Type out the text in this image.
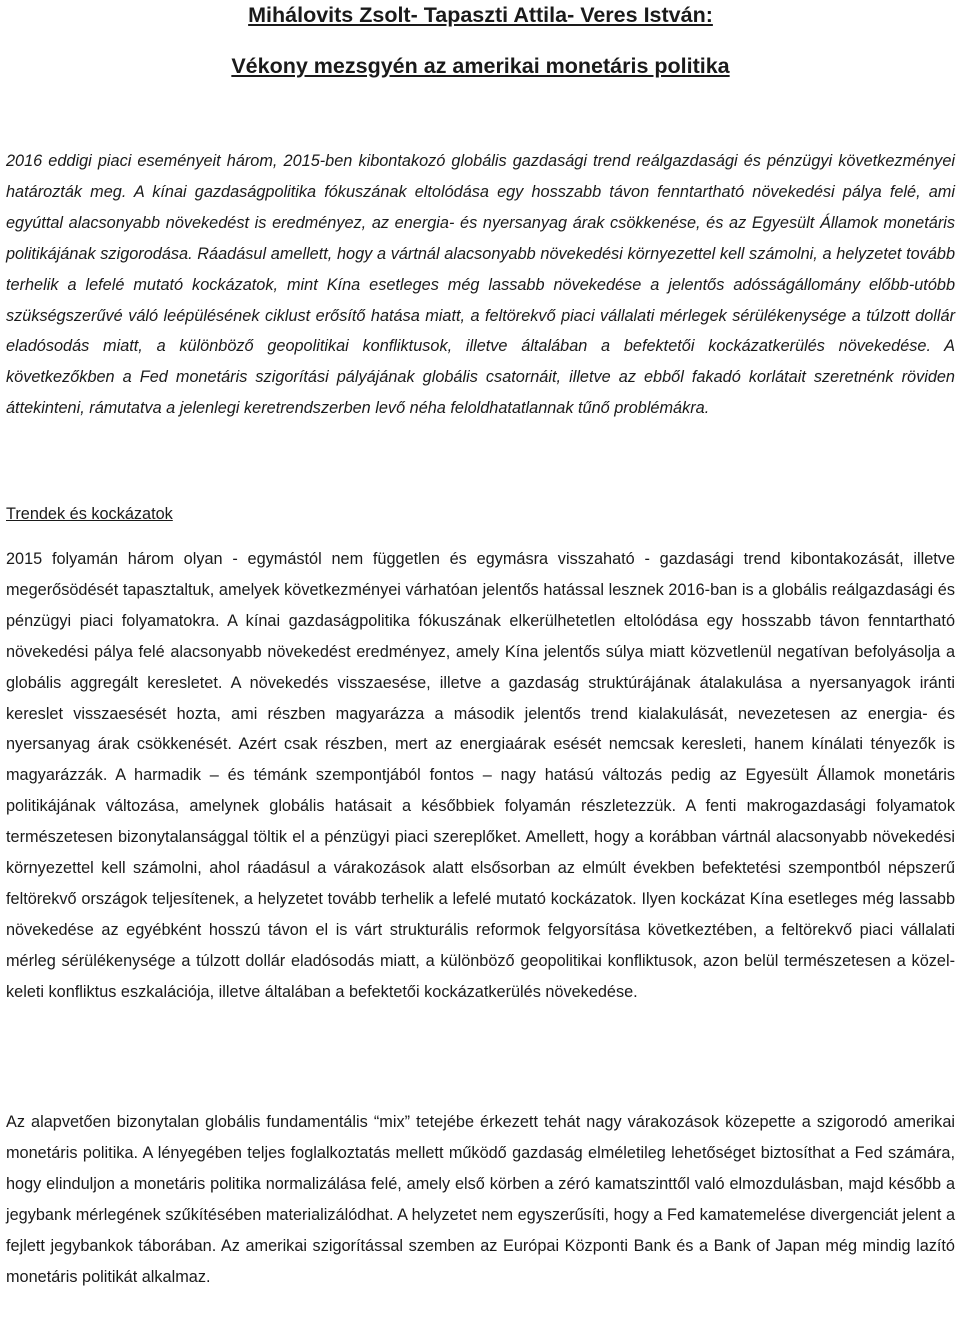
Mihálovits Zsolt- Tapaszti Attila- Veres István:
Vékony mezsgyén az amerikai monetáris politika

2016 eddigi piaci eseményeit három, 2015-ben kibontakozó globális gazdasági trend reálgazdasági és pénzügyi következményei határozták meg. A kínai gazdaságpolitika fókuszának eltolódása egy hosszabb távon fenntartható növekedési pálya felé, ami egyúttal alacsonyabb növekedést is eredményez, az energia- és nyersanyag árak csökkenése, és az Egyesült Államok monetáris politikájának szigorodása. Ráadásul amellett, hogy a vártnál alacsonyabb növekedési környezettel kell számolni, a helyzetet tovább terhelik a lefelé mutató kockázatok, mint Kína esetleges még lassabb növekedése a jelentős adósságállomány előbb-utóbb szükségszerűvé váló leépülésének ciklust erősítő hatása miatt, a feltörekvő piaci vállalati mérlegek sérülékenysége a túlzott dollár eladósodás miatt, a különböző geopolitikai konfliktusok, illetve általában a befektetői kockázatkerülés növekedése. A következőkben a Fed monetáris szigorítási pályájának globális csatornáit, illetve az ebből fakadó korlátait szeretnénk röviden áttekinteni, rámutatva a jelenlegi keretrendszerben levő néha feloldhatatlannak tűnő problémákra.

Trendek és kockázatok

2015 folyamán három olyan - egymástól nem független és egymásra visszaható - gazdasági trend kibontakozását, illetve megerősödését tapasztaltuk, amelyek következményei várhatóan jelentős hatással lesznek 2016-ban is a globális reálgazdasági és pénzügyi piaci folyamatokra. A kínai gazdaságpolitika fókuszának elkerülhetetlen eltolódása egy hosszabb távon fenntartható növekedési pálya felé alacsonyabb növekedést eredményez, amely Kína jelentős súlya miatt közvetlenül negatívan befolyásolja a globális aggregált keresletet. A növekedés visszaesése, illetve a gazdaság struktúrájának átalakulása a nyersanyagok iránti kereslet visszaesését hozta, ami részben magyarázza a második jelentős trend kialakulását, nevezetesen az energia- és nyersanyag árak csökkenését. Azért csak részben, mert az energiaárak esését nemcsak keresleti, hanem kínálati tényezők is magyarázzák. A harmadik – és témánk szempontjából fontos – nagy hatású változás pedig az Egyesült Államok monetáris politikájának változása, amelynek globális hatásait a későbbiek folyamán részletezzük. A fenti makrogazdasági folyamatok természetesen bizonytalansággal töltik el a pénzügyi piaci szereplőket. Amellett, hogy a korábban vártnál alacsonyabb növekedési környezettel kell számolni, ahol ráadásul a várakozások alatt elsősorban az elmúlt években befektetési szempontból népszerű feltörekvő országok teljesítenek, a helyzetet tovább terhelik a lefelé mutató kockázatok. Ilyen kockázat Kína esetleges még lassabb növekedése az egyébként hosszú távon el is várt strukturális reformok felgyorsítása következtében, a feltörekvő piaci vállalati mérleg sérülékenysége a túlzott dollár eladósodás miatt, a különböző geopolitikai konfliktusok, azon belül természetesen a közel-keleti konfliktus eszkalációja, illetve általában a befektetői kockázatkerülés növekedése.

Az alapvetően bizonytalan globális fundamentális “mix” tetejébe érkezett tehát nagy várakozások közepette a szigorodó amerikai monetáris politika. A lényegében teljes foglalkoztatás mellett működő gazdaság elméletileg lehetőséget biztosíthat a Fed számára, hogy elinduljon a monetáris politika normalizálása felé, amely első körben a zéró kamatszinttől való elmozdulásban, majd később a jegybank mérlegének szűkítésében materializálódhat. A helyzetet nem egyszerűsíti, hogy a Fed kamatemelése divergenciát jelent a fejlett jegybankok táborában. Az amerikai szigorítással szemben az Európai Központi Bank és a Bank of Japan még mindig lazító monetáris politikát alkalmaz.
